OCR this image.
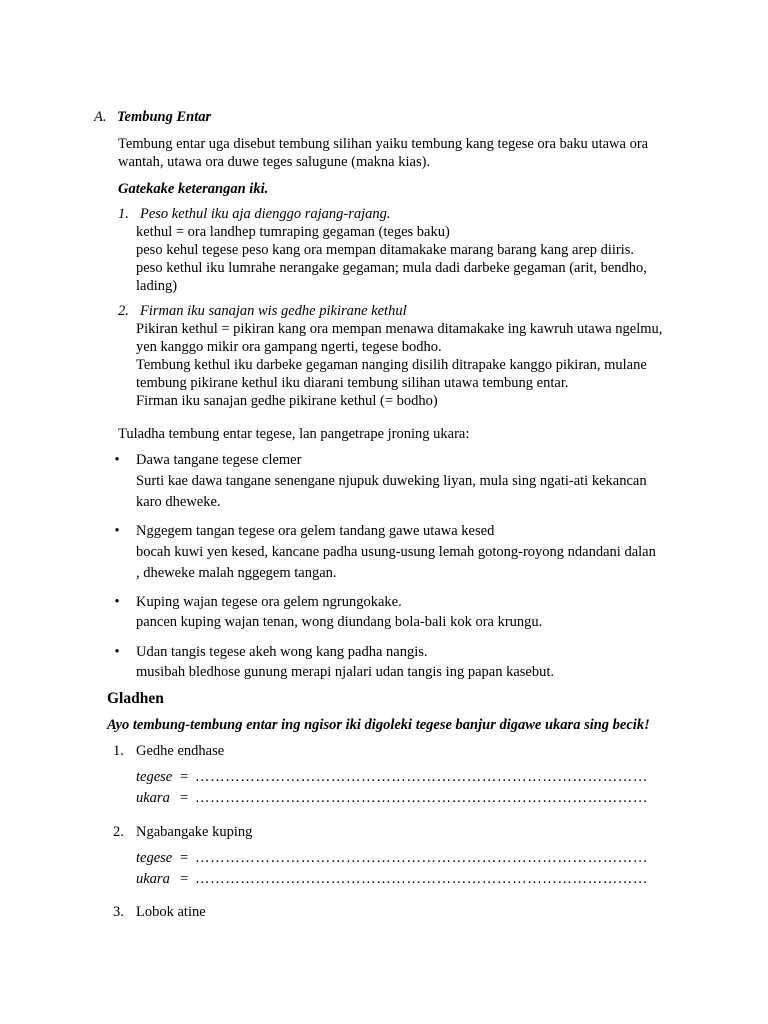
A. Tembung Entar
Tembung entar uga disebut tembung silihan yaiku tembung kang tegese ora baku utawa ora
wantah, utawa ora duwe teges salugune (makna kias).
Gatekake keterangan iki.
1. Peso kethul iku aja dienggo rajang-rajang.
kethul = ora landhep tumraping gegaman (teges baku)
peso kehul tegese peso kang ora mempan ditamakake marang barang kang arep diiris.
peso kethul iku lumrahe nerangake gegaman; mula dadi darbeke gegaman (arit, bendho,
lading)
2. Firman iku sanajan wis gedhe pikirane kethul
Pikiran kethul = pikiran kang ora mempan menawa ditamakake ing kawruh utawa ngelmu,
yen kanggo mikir ora gampang ngerti, tegese bodho.
Tembung kethul iku darbeke gegaman nanging disilih ditrapake kanggo pikiran, mulane
tembung pikirane kethul iku diarani tembung silihan utawa tembung entar.
Firman iku sanajan gedhe pikirane kethul (= bodho)
Tuladha tembung entar tegese, lan pangetrape jroning ukara:
• Dawa tangane tegese clemer
Surti kae dawa tangane senengane njupuk duweking liyan, mula sing ngati-ati kekancan
karo dheweke.
• Nggegem tangan tegese ora gelem tandang gawe utawa kesed
bocah kuwi yen kesed, kancane padha usung-usung lemah gotong-royong ndandani dalan
, dheweke malah nggegem tangan.
• Kuping wajan tegese ora gelem ngrungokake.
pancen kuping wajan tenan, wong diundang bola-bali kok ora krungu.
• Udan tangis tegese akeh wong kang padha nangis.
musibah bledhose gunung merapi njalari udan tangis ing papan kasebut.
Gladhen
Ayo tembung-tembung entar ing ngisor iki digoleki tegese banjur digawe ukara sing becik!
1. Gedhe endhase
tegese = ………………………………………………………………………………
ukara = ………………………………………………………………………………
2. Ngabangake kuping
tegese = ………………………………………………………………………………
ukara = ………………………………………………………………………………
3. Lobok atine
